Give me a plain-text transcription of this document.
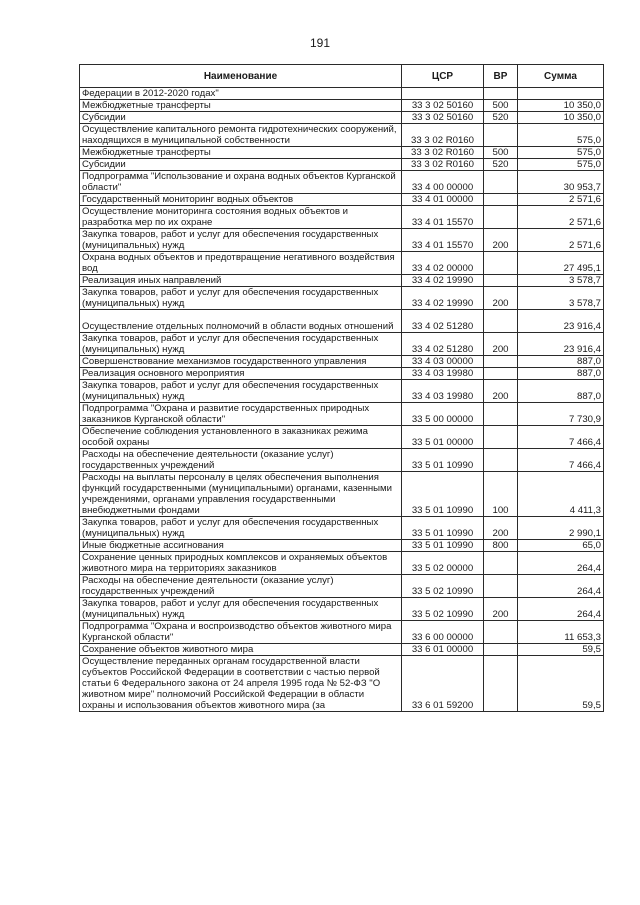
191
Наименование	ЦСР	ВР	Сумма
Федерации в 2012-2020 годах"			
Межбюджетные трансферты	33 3 02 50160	500	10 350,0
Субсидии	33 3 02 50160	520	10 350,0
Осуществление капитального ремонта гидротехнических сооружений, находящихся в муниципальной собственности	33 3 02 R0160		575,0
Межбюджетные трансферты	33 3 02 R0160	500	575,0
Субсидии	33 3 02 R0160	520	575,0
Подпрограмма "Использование и охрана водных объектов Курганской области"	33 4 00 00000		30 953,7
Государственный мониторинг водных объектов	33 4 01 00000		2 571,6
Осуществление мониторинга состояния водных объектов и разработка мер по их охране	33 4 01 15570		2 571,6
Закупка товаров, работ и услуг для обеспечения государственных (муниципальных) нужд	33 4 01 15570	200	2 571,6
Охрана водных объектов и предотвращение негативного воздействия вод	33 4 02 00000		27 495,1
Реализация иных направлений	33 4 02 19990		3 578,7
Закупка товаров, работ и услуг для обеспечения государственных (муниципальных) нужд	33 4 02 19990	200	3 578,7
Осуществление отдельных полномочий в области водных отношений	33 4 02 51280		23 916,4
Закупка товаров, работ и услуг для обеспечения государственных (муниципальных) нужд	33 4 02 51280	200	23 916,4
Совершенствование механизмов государственного управления	33 4 03 00000		887,0
Реализация основного мероприятия	33 4 03 19980		887,0
Закупка товаров, работ и услуг для обеспечения государственных (муниципальных) нужд	33 4 03 19980	200	887,0
Подпрограмма "Охрана и развитие государственных природных заказников Курганской области"	33 5 00 00000		7 730,9
Обеспечение соблюдения установленного в заказниках режима особой охраны	33 5 01 00000		7 466,4
Расходы на обеспечение деятельности (оказание услуг) государственных учреждений	33 5 01 10990		7 466,4
Расходы на выплаты персоналу в целях обеспечения выполнения функций государственными (муниципальными) органами, казенными учреждениями, органами управления государственными внебюджетными фондами	33 5 01 10990	100	4 411,3
Закупка товаров, работ и услуг для обеспечения государственных (муниципальных) нужд	33 5 01 10990	200	2 990,1
Иные бюджетные ассигнования	33 5 01 10990	800	65,0
Сохранение ценных природных комплексов и охраняемых объектов животного мира на территориях заказников	33 5 02 00000		264,4
Расходы на обеспечение деятельности (оказание услуг) государственных учреждений	33 5 02 10990		264,4
Закупка товаров, работ и услуг для обеспечения государственных (муниципальных) нужд	33 5 02 10990	200	264,4
Подпрограмма "Охрана и воспроизводство объектов животного мира Курганской области"	33 6 00 00000		11 653,3
Сохранение объектов животного мира	33 6 01 00000		59,5
Осуществление переданных органам государственной власти субъектов Российской Федерации в соответствии с частью первой статьи 6 Федерального закона от 24 апреля 1995 года № 52-ФЗ "О животном мире" полномочий Российской Федерации в области охраны и использования объектов животного мира (за	33 6 01 59200		59,5
